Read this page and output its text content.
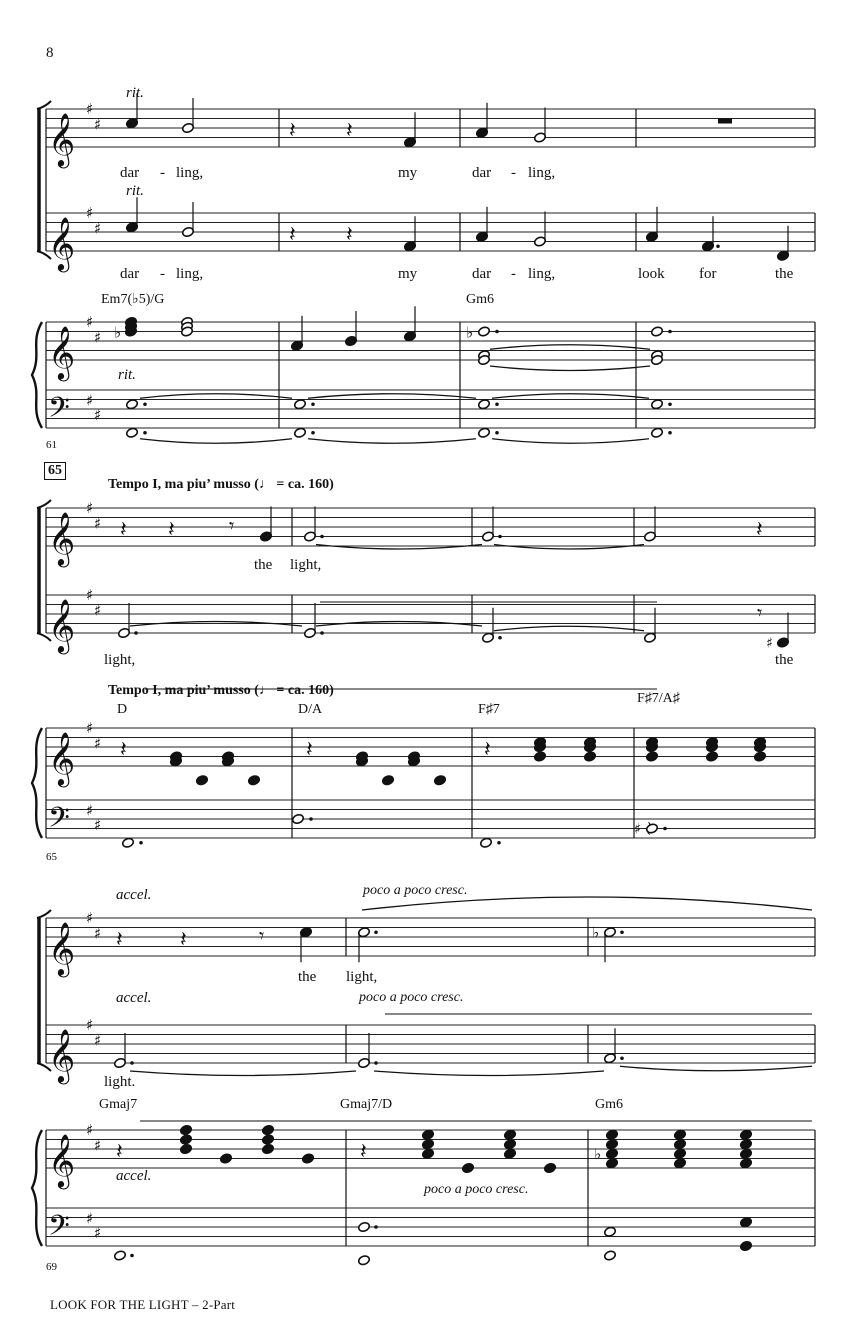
𝄞
♯
♯
𝄞
♯
♯
𝄞
♯
♯
𝄢 ♯
♯
𝄽 𝄽
𝄽 𝄽
♭	♭
𝄞
♯
♯
𝄞
♯
♯
𝄞
♯
♯
𝄢 ♯
♯
𝄽 𝄽	𝄾	𝄽
𝄾
♯
𝄽	𝄽	𝄽
♯
𝄞
♯
♯
𝄞
♯
♯
𝄞
♯
♯
𝄢 ♯
♯
𝄽	𝄽	𝄾	♭
𝄽	𝄽	♭
8
LOOK FOR THE LIGHT – 2-Part
rit.
rit.
rit.
61
Em7(♭5)/G	Gm6
dar - ling,	my	dar - ling,
dar - ling,	my	dar - ling,	look for	the
65
Tempo I, ma piu’ musso (♩ = ca. 160)
Tempo I, ma piu’ musso (♩ = ca. 160)
65
D	D/A	F♯7
F♯7/A♯
the light,
light,	the
accel.
accel.
accel.
poco a poco cresc.
poco a poco cresc.
poco a poco cresc.
69
Gmaj7	Gmaj7/D	Gm6
the light,
light.
